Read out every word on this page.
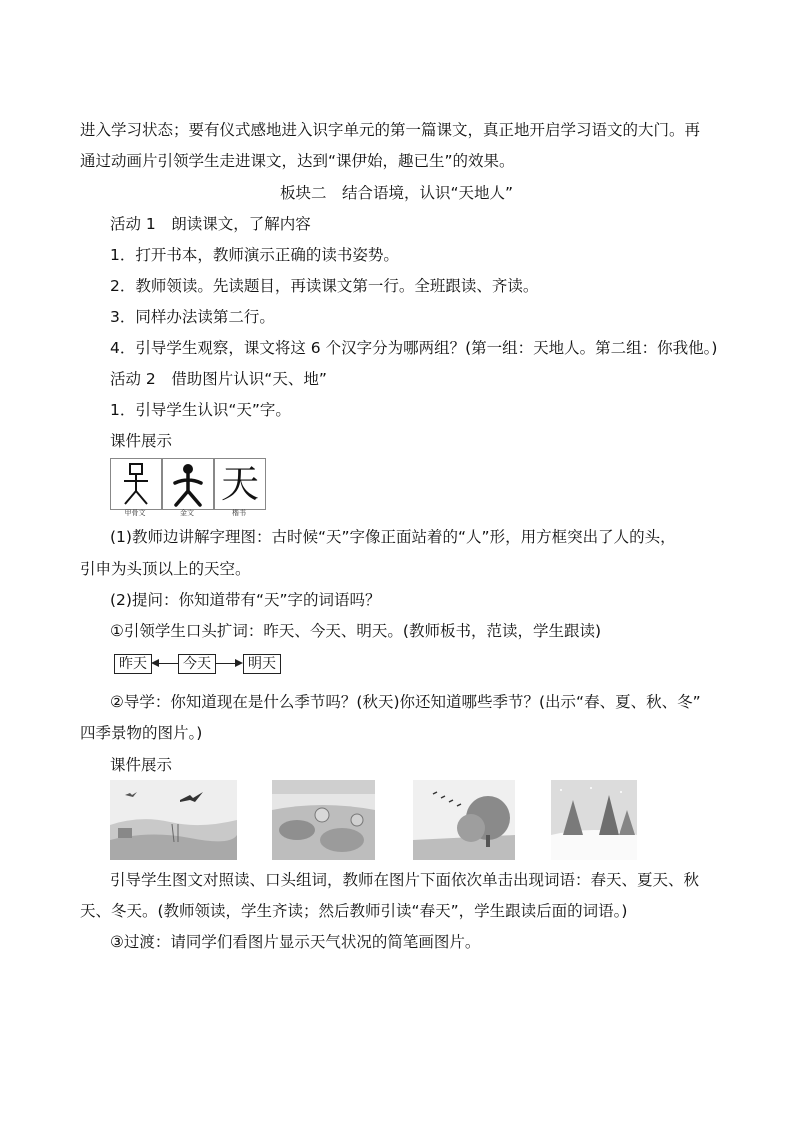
进入学习状态；要有仪式感地进入识字单元的第一篇课文，真正地开启学习语文的大门。再
通过动画片引领学生走进课文，达到“课伊始，趣已生”的效果。
板块二　结合语境，认识“天地人”
活动 1　朗读课文，了解内容
1．打开书本，教师演示正确的读书姿势。
2．教师领读。先读题目，再读课文第一行。全班跟读、齐读。
3．同样办法读第二行。
4．引导学生观察，课文将这 6 个汉字分为哪两组？(第一组：天地人。第二组：你我他。)
活动 2　借助图片认识“天、地”
1．引导学生认识“天”字。
课件展示
天
甲骨文	金文	楷书
(1)教师边讲解字理图：古时候“天”字像正面站着的“人”形，用方框突出了人的头，
引申为头顶以上的天空。
(2)提问：你知道带有“天”字的词语吗？
①引领学生口头扩词：昨天、今天、明天。(教师板书，范读，学生跟读)
昨天	今天	明天
②导学：你知道现在是什么季节吗？(秋天)你还知道哪些季节？(出示“春、夏、秋、冬”
四季景物的图片。)
课件展示
引导学生图文对照读、口头组词，教师在图片下面依次单击出现词语：春天、夏天、秋
天、冬天。(教师领读，学生齐读；然后教师引读“春天”，学生跟读后面的词语。)
③过渡：请同学们看图片显示天气状况的简笔画图片。
